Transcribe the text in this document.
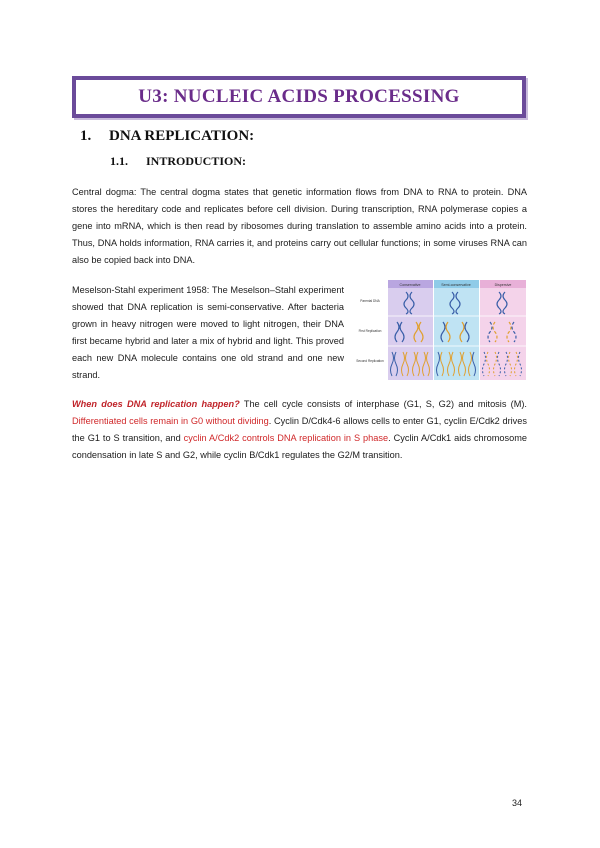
U3: NUCLEIC ACIDS PROCESSING
1. DNA REPLICATION:
1.1. INTRODUCTION:

Central dogma: The central dogma states that genetic information flows from DNA to RNA to protein. DNA stores the hereditary code and replicates before cell division. During transcription, RNA polymerase copies a gene into mRNA, which is then read by ribosomes during translation to assemble amino acids into a protein. Thus, DNA holds information, RNA carries it, and proteins carry out cellular functions; in some viruses RNA can also be copied back into DNA.

Meselson-Stahl experiment 1958: The Meselson–Stahl experiment showed that DNA replication is semi-conservative. After bacteria grown in heavy nitrogen were moved to light nitrogen, their DNA first became hybrid and later a mix of hybrid and light. This proved each new DNA molecule contains one old strand and one new strand.

Conservative	Semi-conservative	Dispersive
Parental DNA
First Replication
Second Replication

When does DNA replication happen? The cell cycle consists of interphase (G1, S, G2) and mitosis (M). Differentiated cells remain in G0 without dividing. Cyclin D/Cdk4-6 allows cells to enter G1, cyclin E/Cdk2 drives the G1 to S transition, and cyclin A/Cdk2 controls DNA replication in S phase. Cyclin A/Cdk1 aids chromosome condensation in late S and G2, while cyclin B/Cdk1 regulates the G2/M transition.

34
